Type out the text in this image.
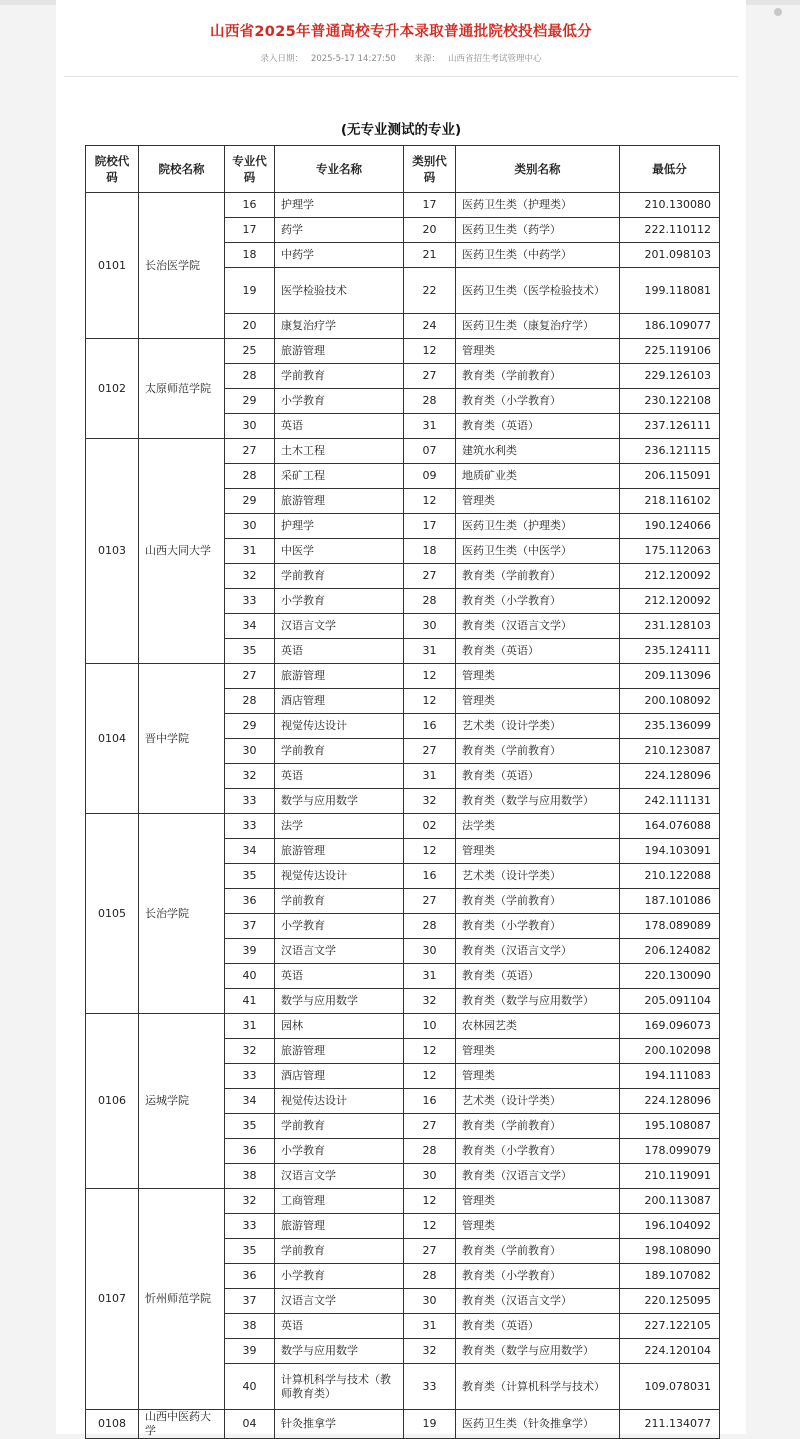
山西省2025年普通高校专升本录取普通批院校投档最低分
录入日期： 2025-5-17 14:27:50 来源： 山西省招生考试管理中心
(无专业测试的专业)
院校代码	院校名称	专业代码	专业名称	类别代码	类别名称	最低分
0101	长治医学院	16	护理学	17	医药卫生类（护理类）	210.130080
		17	药学	20	医药卫生类（药学）	222.110112
		18	中药学	21	医药卫生类（中药学）	201.098103
		19	医学检验技术	22	医药卫生类（医学检验技术）	199.118081
		20	康复治疗学	24	医药卫生类（康复治疗学）	186.109077
0102	太原师范学院	25	旅游管理	12	管理类	225.119106
		28	学前教育	27	教育类（学前教育）	229.126103
		29	小学教育	28	教育类（小学教育）	230.122108
		30	英语	31	教育类（英语）	237.126111
0103	山西大同大学	27	土木工程	07	建筑水利类	236.121115
		28	采矿工程	09	地质矿业类	206.115091
		29	旅游管理	12	管理类	218.116102
		30	护理学	17	医药卫生类（护理类）	190.124066
		31	中医学	18	医药卫生类（中医学）	175.112063
		32	学前教育	27	教育类（学前教育）	212.120092
		33	小学教育	28	教育类（小学教育）	212.120092
		34	汉语言文学	30	教育类（汉语言文学）	231.128103
		35	英语	31	教育类（英语）	235.124111
0104	晋中学院	27	旅游管理	12	管理类	209.113096
		28	酒店管理	12	管理类	200.108092
		29	视觉传达设计	16	艺术类（设计学类）	235.136099
		30	学前教育	27	教育类（学前教育）	210.123087
		32	英语	31	教育类（英语）	224.128096
		33	数学与应用数学	32	教育类（数学与应用数学）	242.111131
0105	长治学院	33	法学	02	法学类	164.076088
		34	旅游管理	12	管理类	194.103091
		35	视觉传达设计	16	艺术类（设计学类）	210.122088
		36	学前教育	27	教育类（学前教育）	187.101086
		37	小学教育	28	教育类（小学教育）	178.089089
		39	汉语言文学	30	教育类（汉语言文学）	206.124082
		40	英语	31	教育类（英语）	220.130090
		41	数学与应用数学	32	教育类（数学与应用数学）	205.091104
0106	运城学院	31	园林	10	农林园艺类	169.096073
		32	旅游管理	12	管理类	200.102098
		33	酒店管理	12	管理类	194.111083
		34	视觉传达设计	16	艺术类（设计学类）	224.128096
		35	学前教育	27	教育类（学前教育）	195.108087
		36	小学教育	28	教育类（小学教育）	178.099079
		38	汉语言文学	30	教育类（汉语言文学）	210.119091
0107	忻州师范学院	32	工商管理	12	管理类	200.113087
		33	旅游管理	12	管理类	196.104092
		35	学前教育	27	教育类（学前教育）	198.108090
		36	小学教育	28	教育类（小学教育）	189.107082
		37	汉语言文学	30	教育类（汉语言文学）	220.125095
		38	英语	31	教育类（英语）	227.122105
		39	数学与应用数学	32	教育类（数学与应用数学）	224.120104
		40	计算机科学与技术（教师教育类）	33	教育类（计算机科学与技术）	109.078031
0108	山西中医药大学	04	针灸推拿学	19	医药卫生类（针灸推拿学）	211.134077
